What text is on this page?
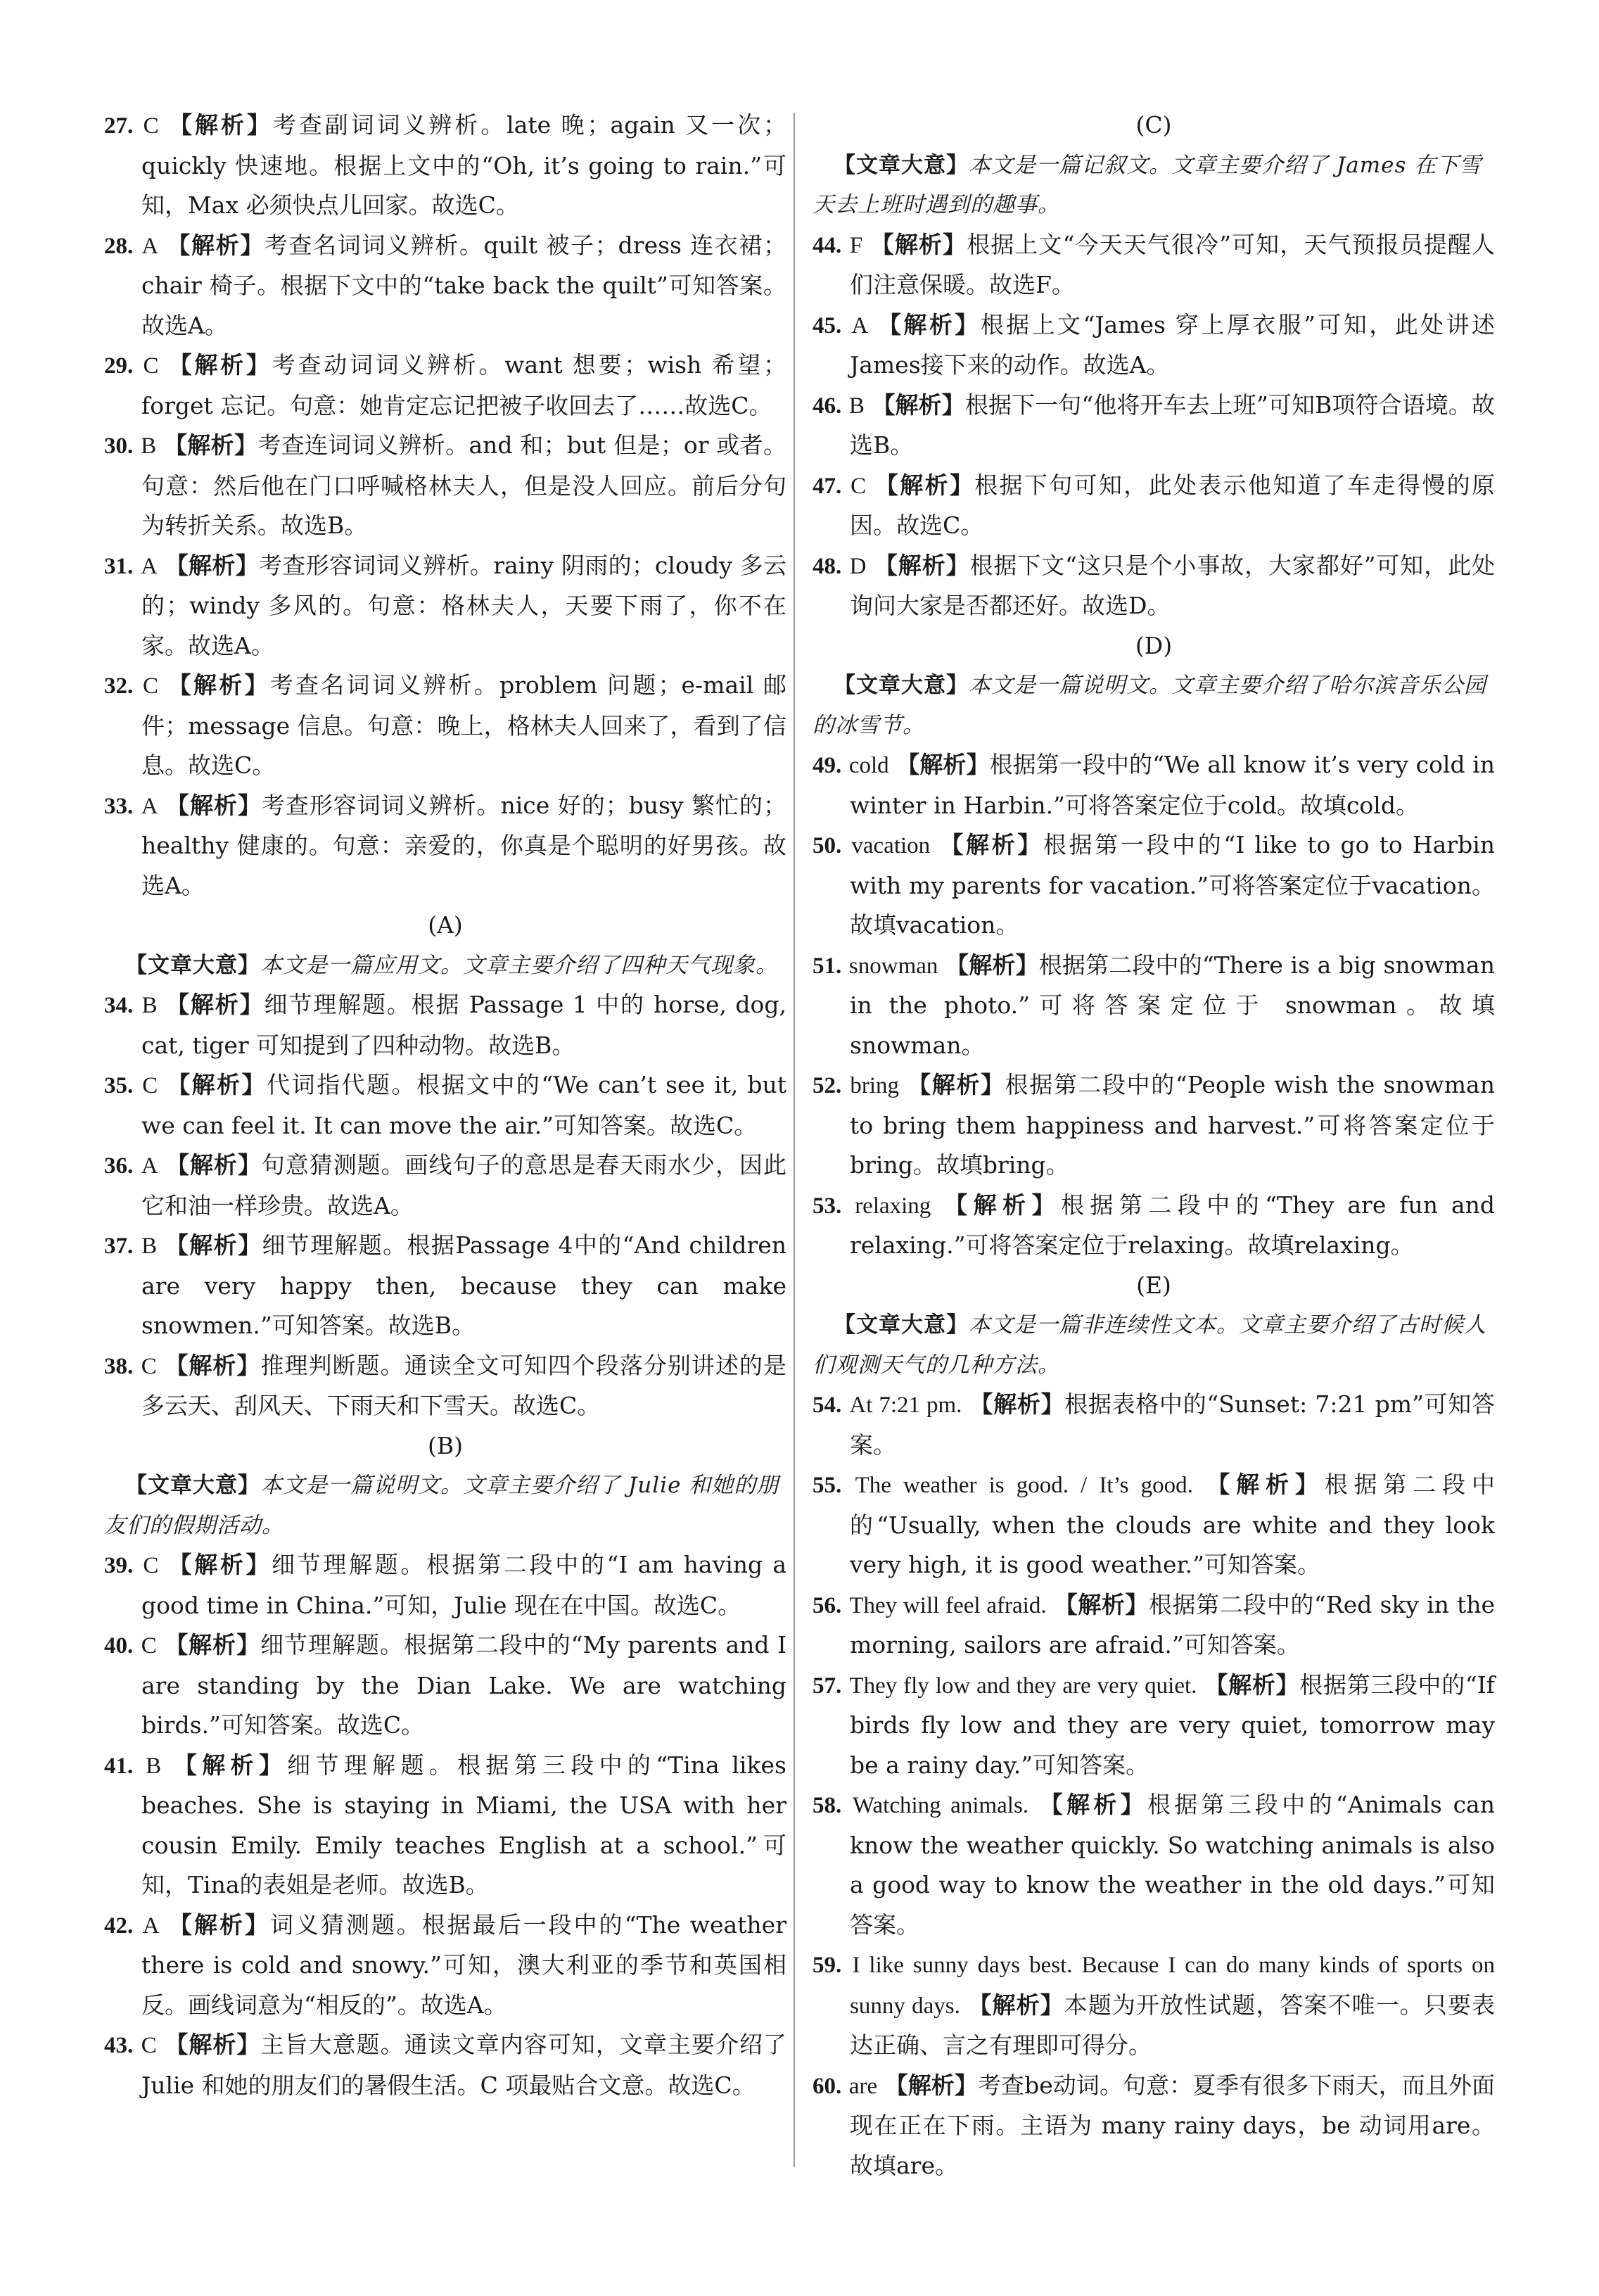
27. C 【解析】考查副词词义辨析。late 晚；again 又一次；quickly 快速地。根据上文中的“Oh, it’s going to rain.”可知，Max 必须快点儿回家。故选C。

28. A 【解析】考查名词词义辨析。quilt 被子；dress 连衣裙；chair 椅子。根据下文中的“take back the quilt”可知答案。故选A。

29. C 【解析】考查动词词义辨析。want 想要；wish 希望；forget 忘记。句意：她肯定忘记把被子收回去了……故选C。

30. B 【解析】考查连词词义辨析。and 和；but 但是；or 或者。句意：然后他在门口呼喊格林夫人，但是没人回应。前后分句为转折关系。故选B。

31. A 【解析】考查形容词词义辨析。rainy 阴雨的；cloudy 多云的；windy 多风的。句意：格林夫人，天要下雨了，你不在家。故选A。

32. C 【解析】考查名词词义辨析。problem 问题；e-mail 邮件；message 信息。句意：晚上，格林夫人回来了，看到了信息。故选C。

33. A 【解析】考查形容词词义辨析。nice 好的；busy 繁忙的；healthy 健康的。句意：亲爱的，你真是个聪明的好男孩。故选A。

(A)

【文章大意】本文是一篇应用文。文章主要介绍了四种天气现象。

34. B 【解析】细节理解题。根据 Passage 1 中的 horse, dog, cat, tiger 可知提到了四种动物。故选B。

35. C 【解析】代词指代题。根据文中的“We can’t see it, but we can feel it. It can move the air.”可知答案。故选C。

36. A 【解析】句意猜测题。画线句子的意思是春天雨水少，因此它和油一样珍贵。故选A。

37. B 【解析】细节理解题。根据Passage 4中的“And children are very happy then, because they can make snowmen.”可知答案。故选B。

38. C 【解析】推理判断题。通读全文可知四个段落分别讲述的是多云天、刮风天、下雨天和下雪天。故选C。

(B)

【文章大意】本文是一篇说明文。文章主要介绍了 Julie 和她的朋友们的假期活动。

39. C 【解析】细节理解题。根据第二段中的“I am having a good time in China.”可知，Julie 现在在中国。故选C。

40. C 【解析】细节理解题。根据第二段中的“My parents and I are standing by the Dian Lake. We are watching birds.”可知答案。故选C。

41. B 【解析】细节理解题。根据第三段中的“Tina likes beaches. She is staying in Miami, the USA with her cousin Emily. Emily teaches English at a school.”可知，Tina的表姐是老师。故选B。

42. A 【解析】词义猜测题。根据最后一段中的“The weather there is cold and snowy.”可知，澳大利亚的季节和英国相反。画线词意为“相反的”。故选A。

43. C 【解析】主旨大意题。通读文章内容可知，文章主要介绍了 Julie 和她的朋友们的暑假生活。C 项最贴合文意。故选C。

(C)

【文章大意】本文是一篇记叙文。文章主要介绍了 James 在下雪天去上班时遇到的趣事。

44. F 【解析】根据上文“今天天气很冷”可知，天气预报员提醒人们注意保暖。故选F。

45. A 【解析】根据上文“James 穿上厚衣服”可知，此处讲述 James接下来的动作。故选A。

46. B 【解析】根据下一句“他将开车去上班”可知B项符合语境。故选B。

47. C 【解析】根据下句可知，此处表示他知道了车走得慢的原因。故选C。

48. D 【解析】根据下文“这只是个小事故，大家都好”可知，此处询问大家是否都还好。故选D。

(D)

【文章大意】本文是一篇说明文。文章主要介绍了哈尔滨音乐公园的冰雪节。

49. cold 【解析】根据第一段中的“We all know it’s very cold in winter in Harbin.”可将答案定位于cold。故填cold。

50. vacation 【解析】根据第一段中的“I like to go to Harbin with my parents for vacation.”可将答案定位于vacation。故填vacation。

51. snowman 【解析】根据第二段中的“There is a big snowman in the photo.”可将答案定位于 snowman。故填snowman。

52. bring 【解析】根据第二段中的“People wish the snowman to bring them happiness and harvest.”可将答案定位于bring。故填bring。

53. relaxing 【解析】根据第二段中的“They are fun and relaxing.”可将答案定位于relaxing。故填relaxing。

(E)

【文章大意】本文是一篇非连续性文本。文章主要介绍了古时候人们观测天气的几种方法。

54. At 7:21 pm. 【解析】根据表格中的“Sunset: 7:21 pm”可知答案。

55. The weather is good. / It’s good. 【解析】根据第二段中的“Usually, when the clouds are white and they look very high, it is good weather.”可知答案。

56. They will feel afraid. 【解析】根据第二段中的“Red sky in the morning, sailors are afraid.”可知答案。

57. They fly low and they are very quiet. 【解析】根据第三段中的“If birds fly low and they are very quiet, tomorrow may be a rainy day.”可知答案。

58. Watching animals. 【解析】根据第三段中的“Animals can know the weather quickly. So watching animals is also a good way to know the weather in the old days.”可知答案。

59. I like sunny days best. Because I can do many kinds of sports on sunny days. 【解析】本题为开放性试题，答案不唯一。只要表达正确、言之有理即可得分。

60. are 【解析】考查be动词。句意：夏季有很多下雨天，而且外面现在正在下雨。主语为 many rainy days，be 动词用are。故填are。
